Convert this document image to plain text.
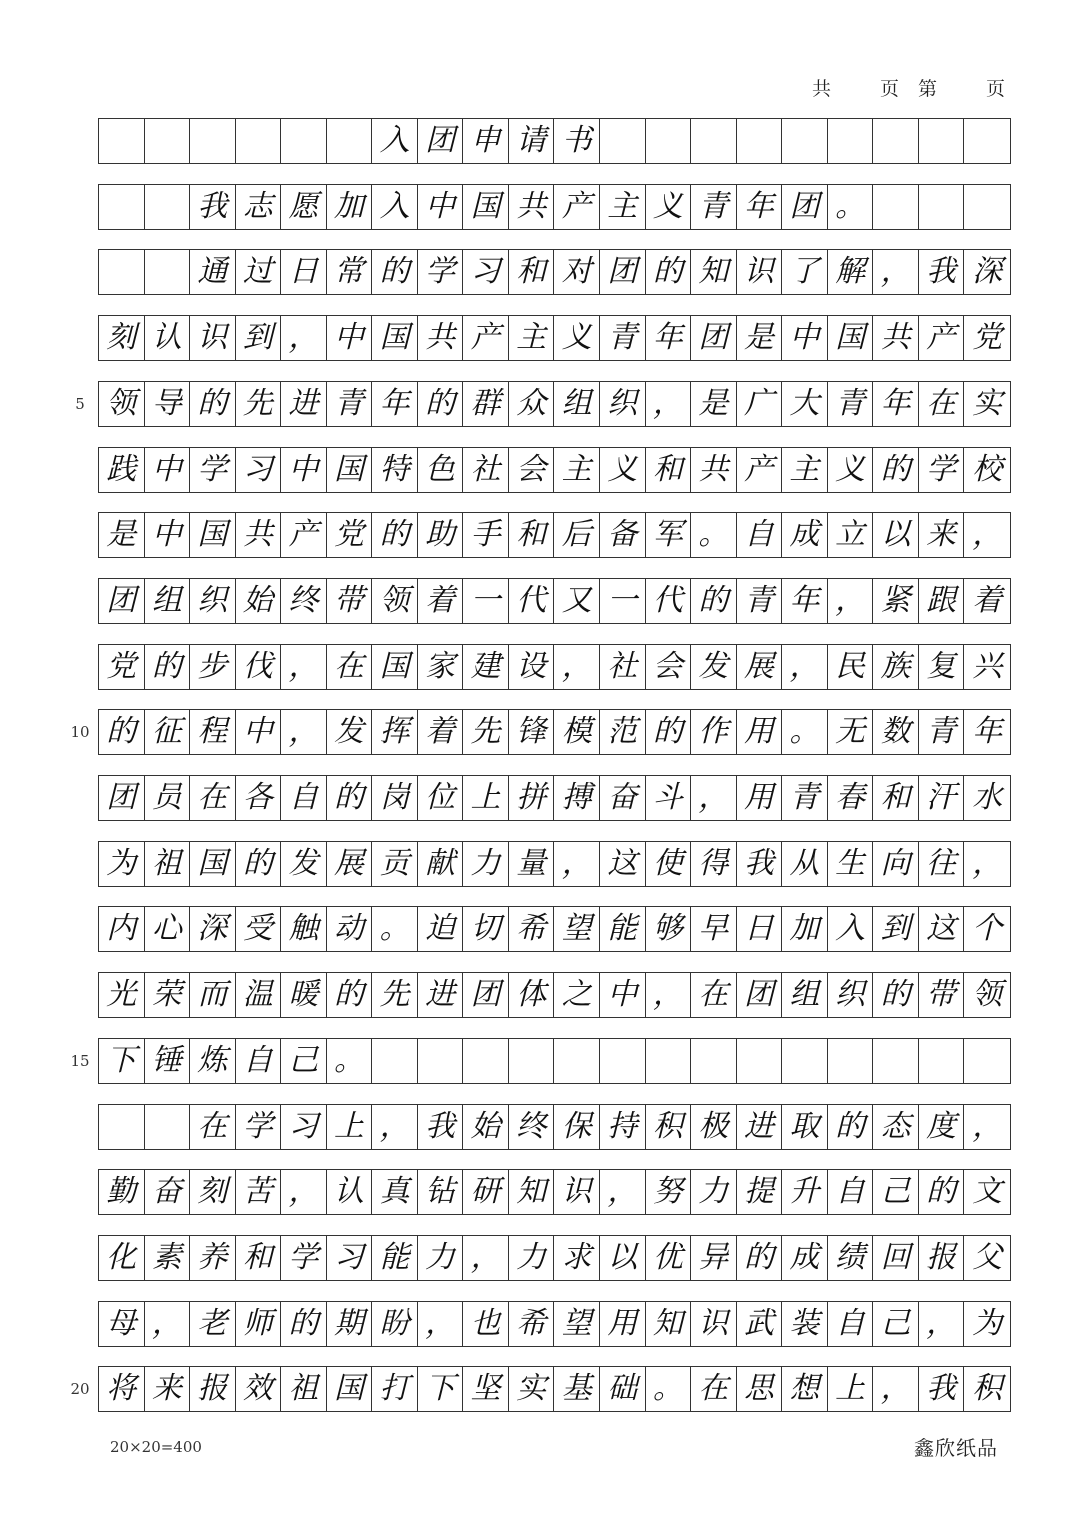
共	页 第	页
入 团 申 请 书
我 志 愿 加 入 中 国 共 产 主 义 青 年 团 。
通 过 日 常 的 学 习 和 对 团 的 知 识 了 解 ， 我 深
刻 认 识 到 ， 中 国 共 产 主 义 青 年 团 是 中 国 共 产 党
领 导 的 先 进 青 年 的 群 众 组 织 ， 是 广 大 青 年 在 实
践 中 学 习 中 国 特 色 社 会 主 义 和 共 产 主 义 的 学 校
是 中 国 共 产 党 的 助 手 和 后 备 军 。 自 成 立 以 来 ，
团 组 织 始 终 带 领 着 一 代 又 一 代 的 青 年 ， 紧 跟 着
党 的 步 伐 ， 在 国 家 建 设 ， 社 会 发 展 ， 民 族 复 兴
的 征 程 中 ， 发 挥 着 先 锋 模 范 的 作 用 。 无 数 青 年
团 员 在 各 自 的 岗 位 上 拼 搏 奋 斗 ， 用 青 春 和 汗 水
为 祖 国 的 发 展 贡 献 力 量 ， 这 使 得 我 从 生 向 往 ，
内 心 深 受 触 动 。 迫 切 希 望 能 够 早 日 加 入 到 这 个
光 荣 而 温 暖 的 先 进 团 体 之 中 ， 在 团 组 织 的 带 领
下 锤 炼 自 己 。
在 学 习 上 ， 我 始 终 保 持 积 极 进 取 的 态 度 ，
勤 奋 刻 苦 ， 认 真 钻 研 知 识 ， 努 力 提 升 自 己 的 文
化 素 养 和 学 习 能 力 ， 力 求 以 优 异 的 成 绩 回 报 父
母 ， 老 师 的 期 盼 ， 也 希 望 用 知 识 武 装 自 己 ， 为
将 来 报 效 祖 国 打 下 坚 实 基 础 。 在 思 想 上 ， 我 积
20×20=400	鑫欣纸品
5
10
15
20
